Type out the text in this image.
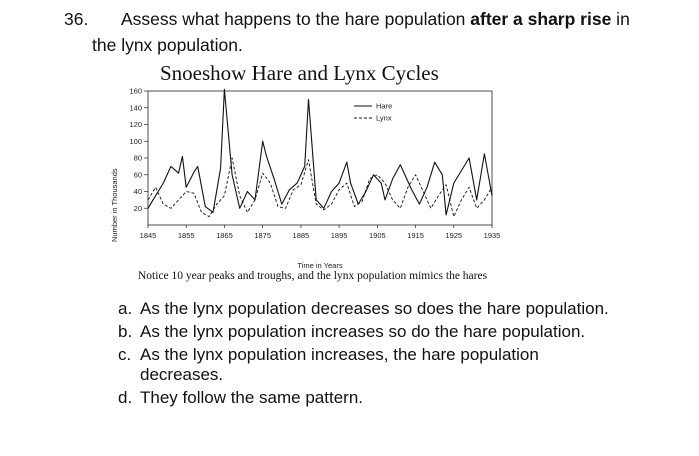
36. Assess what happens to the hare population after a sharp rise in
the lynx population.
Snoeshow Hare and Lynx Cycles
20
40
60
80
100
120
140
160
1845	1855	1865	1875	1885	1895	1905	1915	1925	1935
Number in Thousands
Time in Years
Hare
Lynx
Notice 10 year peaks and troughs, and the lynx population mimics the hares
a. As the lynx population decreases so does the hare population.
b. As the lynx population increases so do the hare population.
c. As the lynx population increases, the hare population
decreases.
d. They follow the same pattern.
